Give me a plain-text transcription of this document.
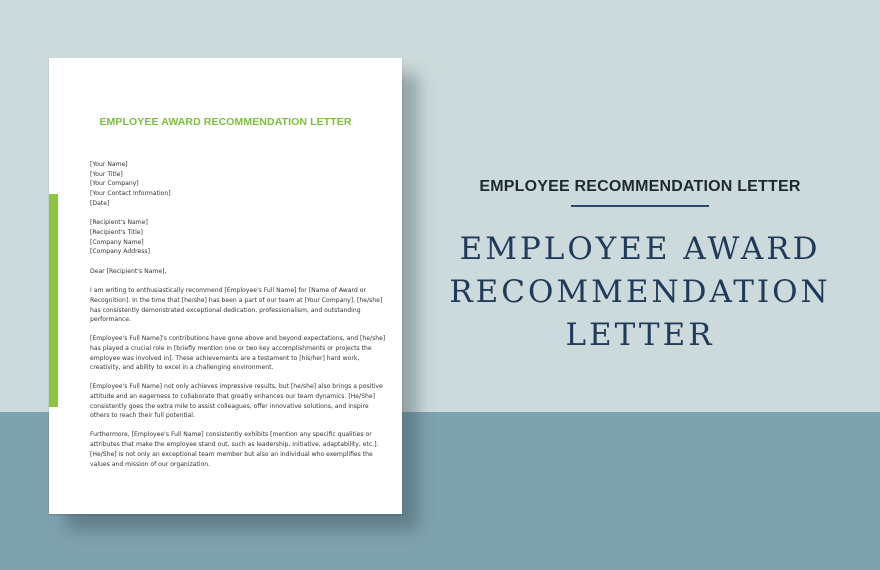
EMPLOYEE AWARD RECOMMENDATION LETTER
[Your Name]
[Your Title]
[Your Company]
[Your Contact Information]
[Date]
[Recipient's Name]
[Recipient's Title]
[Company Name]
[Company Address]
Dear [Recipient's Name],
I am writing to enthusiastically recommend [Employee's Full Name] for [Name of Award or
Recognition]. In the time that [he/she] has been a part of our team at [Your Company], [he/she]
has consistently demonstrated exceptional dedication, professionalism, and outstanding
performance.
[Employee's Full Name]'s contributions have gone above and beyond expectations, and [he/she]
has played a crucial role in [briefly mention one or two key accomplishments or projects the
employee was involved in]. These achievements are a testament to [his/her] hard work,
creativity, and ability to excel in a challenging environment.
[Employee's Full Name] not only achieves impressive results, but [he/she] also brings a positive
attitude and an eagerness to collaborate that greatly enhances our team dynamics. [He/She]
consistently goes the extra mile to assist colleagues, offer innovative solutions, and inspire
others to reach their full potential.
Furthermore, [Employee's Full Name] consistently exhibits [mention any specific qualities or
attributes that make the employee stand out, such as leadership, initiative, adaptability, etc.].
[He/She] is not only an exceptional team member but also an individual who exemplifies the
values and mission of our organization.
EMPLOYEE RECOMMENDATION LETTER
EMPLOYEE AWARD
RECOMMENDATION
LETTER
